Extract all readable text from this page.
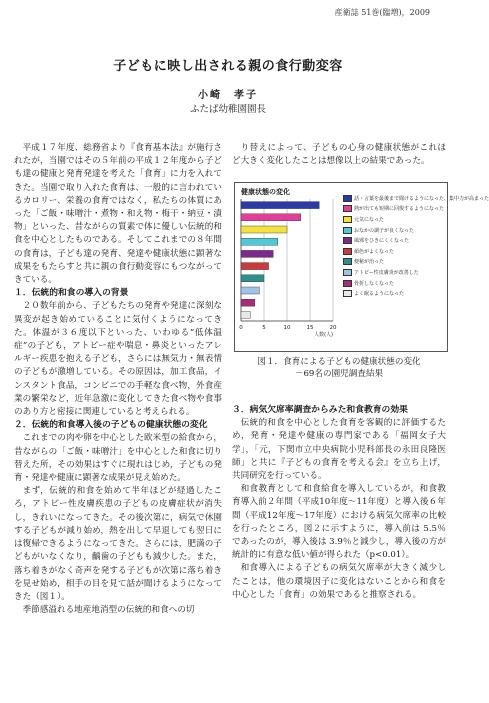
産衛誌 51巻(臨増)，2009
子どもに映し出される親の食行動変容
小崎　孝子
ふたば幼稚園園長

平成１７年度、総務省より『食育基本法』が施行されたが，当園ではその５年前の平成１２年度から子ども達の健康と発育発達を考えた「食育」に力を入れてきた。当園で取り入れた食育は、一般的に言われているカロリー、栄養の食育ではなく，私たちの体質にあった「ご飯・味噌汁・煮物・和え物・梅干・納豆・漬物」といった、昔ながらの質素で体に優しい伝統的和食を中心としたものである。そしてこれまでの８年間の食育は，子ども達の発育、発達や健康状態に顕著な成果をもたらすと共に親の食行動変容にもつながってきている。

１．伝統的和食の導入の背景

２０数年前から、子どもたちの発育や発達に深刻な異変が起き始めていることに気付くようになってきた。体温が３６度以下といった、いわゆる“低体温症”の子ども，アトピー症や喘息・鼻炎といったアレルギー疾患を抱える子ども，さらには無気力・無表情の子どもが激増している。その原因は，加工食品，インスタント食品，コンビニでの手軽な食べ物，外食産業の繁栄など，近年急激に変化してきた食べ物や食事のあり方と密接に関連していると考えられる。

２．伝統的和食導入後の子どもの健康状態の変化

これまでの肉や卵を中心とした欧米型の給食から，昔ながらの「ご飯・味噌汁」を中心とした和食に切り替えた所，その効果はすぐに現れはじめ，子どもの発育・発達や健康に顕著な成果が見え始めた。

まず，伝統的和食を始めて半年ほどが経過したころ，アトピー性皮膚疾患の子どもの皮膚症状が消失し，きれいになってきた。その後次第に，病気で休園する子どもが減り始め，熱を出して早退しても翌日には復帰できるようになってきた。さらには，肥満の子どもがいなくなり，齲歯の子どもも減少した。また，落ち着きがなく奇声を発する子どもが次第に落ち着きを見せ始め，相手の目を見て話が聞けるようになってきた（図１）。

季節感溢れる地産地消型の伝統的和食への切

り替えによって、子どもの心身の健康状態がこれほど大きく変化したことは想像以上の結果であった。

健康状態の変化
0	5	10	15	20
人数(人)
話・言葉を最後まで聞けるようになった、集中力が高まった
熱が出ても短期に回復するようになった
元気になった
おなかの調子が良くなった
風邪をひきにくくなった
顔色がよくなった
便秘が治った
アトピー性皮膚炎が改善した
骨折しなくなった
よく眠るようになった
図１．食育による子どもの健康状態の変化
－69名の園児調査結果
３．病気欠席率調査からみた和食教育の効果

伝統的和食を中心とした食育を客観的に評価するため，発育・発達や健康の専門家である「福岡女子大学」，「元，下関市立中央病院小児科部長の永田良隆医師」と共に『子どもの食育を考える会』を立ち上げ，共同研究を行っている。

和食教育として和食給食を導入しているが，和食教育導入前２年間（平成10年度～11年度）と導入後６年間（平成12年度～17年度）における病気欠席率の比較を行ったところ，図２に示すように，導入前は 5.5％であったのが，導入後は 3.9％と減少し，導入後の方が統計的に有意な低い値が得られた（p<0.01）。

和食導入による子どもの病気欠席率が大きく減少したことは，他の環境因子に変化はないことから和食を中心とした「食育」の効果であると推察される。
